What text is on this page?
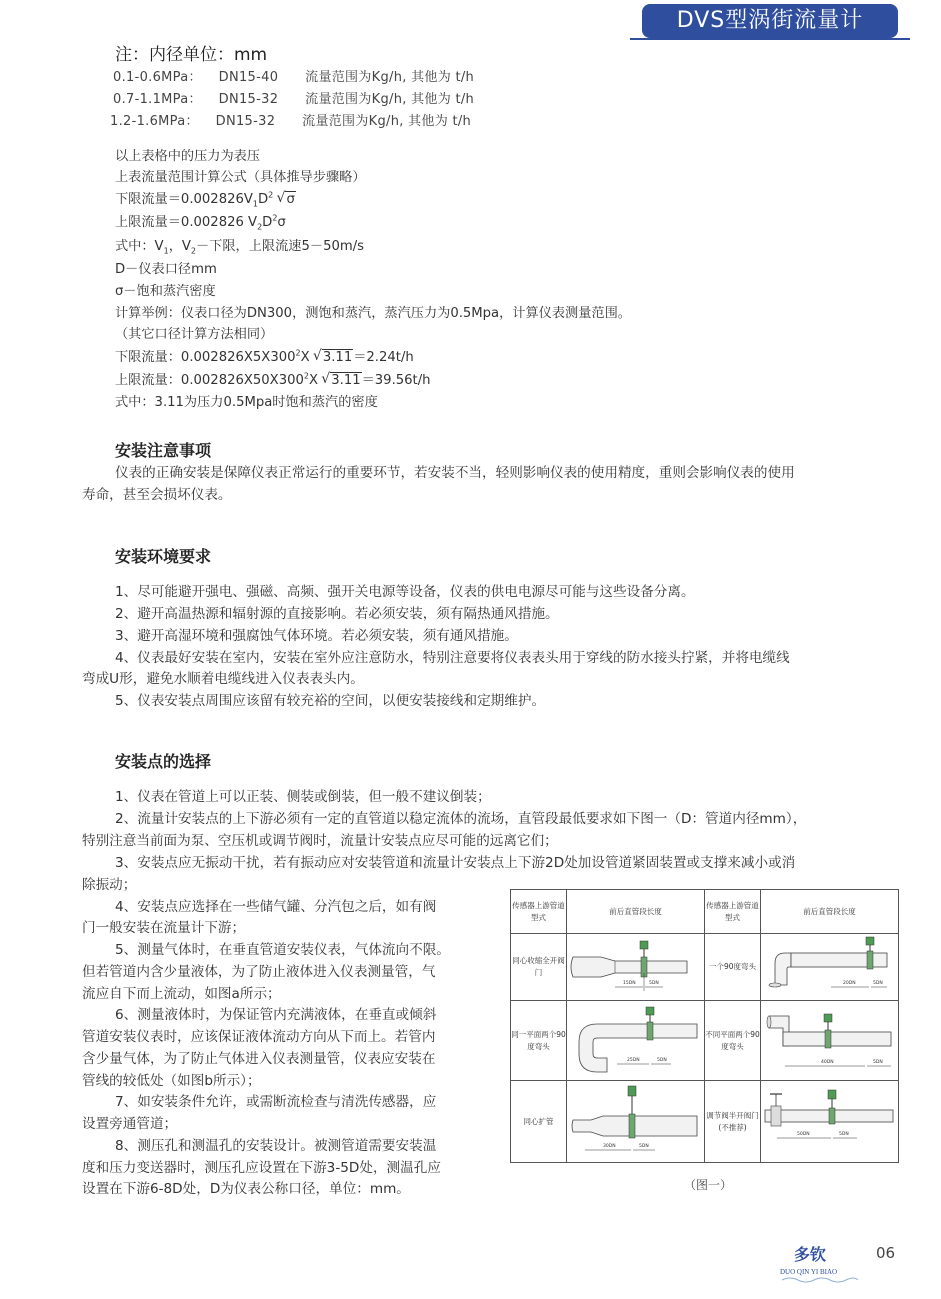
DVS型涡街流量计
注：内径单位：mm
0.1-0.6MPa： DN15-40 流量范围为Kg/h, 其他为 t/h
0.7-1.1MPa： DN15-32 流量范围为Kg/h, 其他为 t/h
1.2-1.6MPa： DN15-32 流量范围为Kg/h, 其他为 t/h
以上表格中的压力为表压
上表流量范围计算公式（具体推导步骤略）
下限流量$=0.002826V_1D^2$ √ σ
上限流量＝0.002826 $V_2D^2\sigma$
式中：$V_1$，$V_2-$下限，上限流速5－50m/s
D－仪表口径mm
σ－饱和蒸汽密度
计算举例：仪表口径为DN300，测饱和蒸汽，蒸汽压力为0.5Mpa，计算仪表测量范围。
（其它口径计算方法相同）
下限流量：$0.002826X5X300^2X$ √ 3.11＝2.24t/h
上限流量：$0.002826X50X300^2X$ √ 3.11＝39.56t/h
式中：3.11为压力0.5Mpa时饱和蒸汽的密度
安装注意事项
仪表的正确安装是保障仪表正常运行的重要环节，若安装不当，轻则影响仪表的使用精度，重则会影响仪表的使用
寿命，甚至会损坏仪表。
安装环境要求
1、尽可能避开强电、强磁、高频、强开关电源等设备，仪表的供电电源尽可能与这些设备分离。
2、避开高温热源和辐射源的直接影响。若必须安装，须有隔热通风措施。
3、避开高湿环境和强腐蚀气体环境。若必须安装，须有通风措施。
4、仪表最好安装在室内，安装在室外应注意防水，特别注意要将仪表表头用于穿线的防水接头拧紧，并将电缆线
弯成U形，避免水顺着电缆线进入仪表表头内。
5、仪表安装点周围应该留有较充裕的空间，以便安装接线和定期维护。
安装点的选择
1、仪表在管道上可以正装、侧装或倒装，但一般不建议倒装；
2、流量计安装点的上下游必须有一定的直管道以稳定流体的流场，直管段最低要求如下图一（D：管道内径mm），
特别注意当前面为泵、空压机或调节阀时，流量计安装点应尽可能的远离它们；
3、安装点应无振动干扰，若有振动应对安装管道和流量计安装点上下游2D处加设管道紧固装置或支撑来减小或消
除振动；
4、安装点应选择在一些储气罐、分汽包之后，如有阀
门一般安装在流量计下游；
5、测量气体时，在垂直管道安装仪表，气体流向不限。
但若管道内含少量液体，为了防止液体进入仪表测量管，气
流应自下而上流动，如图a所示；
6、测量液体时，为保证管内充满液体，在垂直或倾斜
管道安装仪表时，应该保证液体流动方向从下而上。若管内
含少量气体，为了防止气体进入仪表测量管，仪表应安装在
管线的较低处（如图b所示）；
7、如安装条件允许，或需断流检查与清洗传感器，应
设置旁通管道；
8、测压孔和测温孔的安装设计。被测管道需要安装温
度和压力变送器时，测压孔应设置在下游3-5D处，测温孔应
设置在下游6-8D处，D为仪表公称口径，单位：mm。
传感器上游管道型式	前后直管段长度	传感器上游管道型式	前后直管段长度
同心收缩全开阀门	15DN 5DN	一个90度弯头	20DN 5DN

同一平面两个90度弯头	25DN 5DN	不同平面两个90度弯头	40DN 5DN

同心扩管	30DN 5DN	调节阀半开阀门(不推荐)	50DN 5DN
（图一）
多钦
DUO QIN YI BIAO
06
